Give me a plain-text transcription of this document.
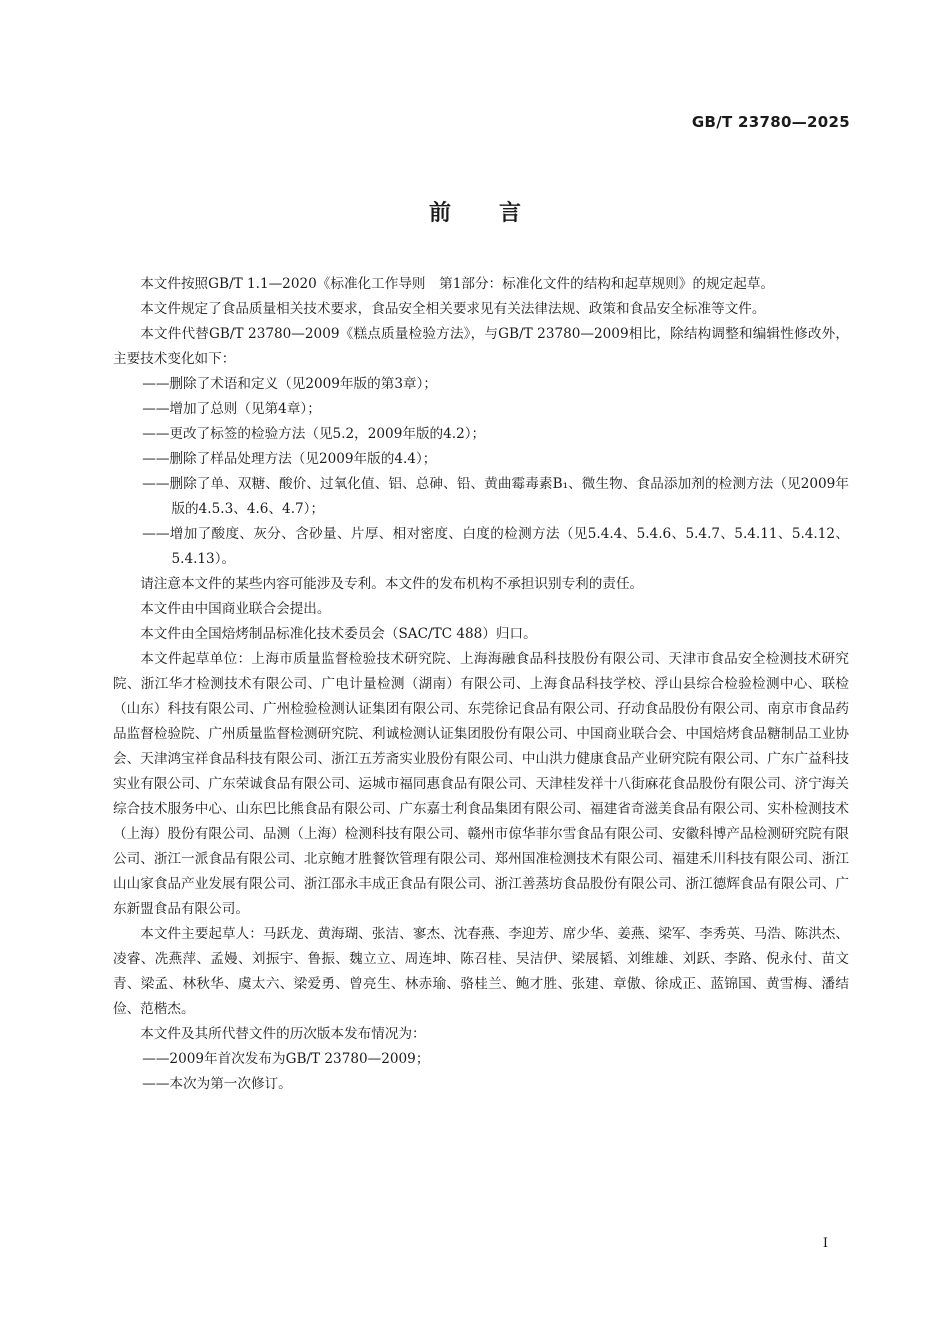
GB/T 23780—2025
前言

本文件按照GB/T 1.1—2020《标准化工作导则　第1部分：标准化文件的结构和起草规则》的规定起草。

本文件规定了食品质量相关技术要求，食品安全相关要求见有关法律法规、政策和食品安全标准等文件。

本文件代替GB/T 23780—2009《糕点质量检验方法》，与GB/T 23780—2009相比，除结构调整和编辑性修改外，主要技术变化如下：

——删除了术语和定义（见2009年版的第3章）；

——增加了总则（见第4章）；

——更改了标签的检验方法（见5.2，2009年版的4.2）；

——删除了样品处理方法（见2009年版的4.4）；

——删除了单、双糖、酸价、过氧化值、铝、总砷、铅、黄曲霉毒素B₁、微生物、食品添加剂的检测方法（见2009年版的4.5.3、4.6、4.7）；

——增加了酸度、灰分、含砂量、片厚、相对密度、白度的检测方法（见5.4.4、5.4.6、5.4.7、5.4.11、5.4.12、5.4.13）。

请注意本文件的某些内容可能涉及专利。本文件的发布机构不承担识别专利的责任。

本文件由中国商业联合会提出。

本文件由全国焙烤制品标准化技术委员会（SAC/TC 488）归口。

本文件起草单位：上海市质量监督检验技术研究院、上海海融食品科技股份有限公司、天津市食品安全检测技术研究院、浙江华才检测技术有限公司、广电计量检测（湖南）有限公司、上海食品科技学校、浮山县综合检验检测中心、联检（山东）科技有限公司、广州检验检测认证集团有限公司、东莞徐记食品有限公司、孖动食品股份有限公司、南京市食品药品监督检验院、广州质量监督检测研究院、利诚检测认证集团股份有限公司、中国商业联合会、中国焙烤食品糖制品工业协会、天津鸿宝祥食品科技有限公司、浙江五芳斋实业股份有限公司、中山洪力健康食品产业研究院有限公司、广东广益科技实业有限公司、广东荣诚食品有限公司、运城市福同惠食品有限公司、天津桂发祥十八街麻花食品股份有限公司、济宁海关综合技术服务中心、山东巴比熊食品有限公司、广东嘉士利食品集团有限公司、福建省奇滋美食品有限公司、实朴检测技术（上海）股份有限公司、品测（上海）检测科技有限公司、赣州市倞华菲尔雪食品有限公司、安徽科博产品检测研究院有限公司、浙江一派食品有限公司、北京鲍才胜餐饮管理有限公司、郑州国准检测技术有限公司、福建禾川科技有限公司、浙江山山家食品产业发展有限公司、浙江邵永丰成正食品有限公司、浙江善蒸坊食品股份有限公司、浙江德辉食品有限公司、广东新盟食品有限公司。

本文件主要起草人：马跃龙、黄海瑚、张洁、寥杰、沈春燕、李迎芳、席少华、姜燕、梁军、李秀英、马浩、陈洪杰、凌睿、冼燕萍、孟嫚、刘振宇、鲁振、魏立立、周连坤、陈召桂、吴洁伊、梁展韬、刘维雄、刘跃、李路、倪永付、苗文青、梁孟、林秋华、虞太六、梁爱勇、曾亮生、林赤瑜、骆桂兰、鲍才胜、张建、章傲、徐成正、蓝锦国、黄雪梅、潘结俭、范楷杰。

本文件及其所代替文件的历次版本发布情况为：

——2009年首次发布为GB/T 23780—2009；

——本次为第一次修订。

I
